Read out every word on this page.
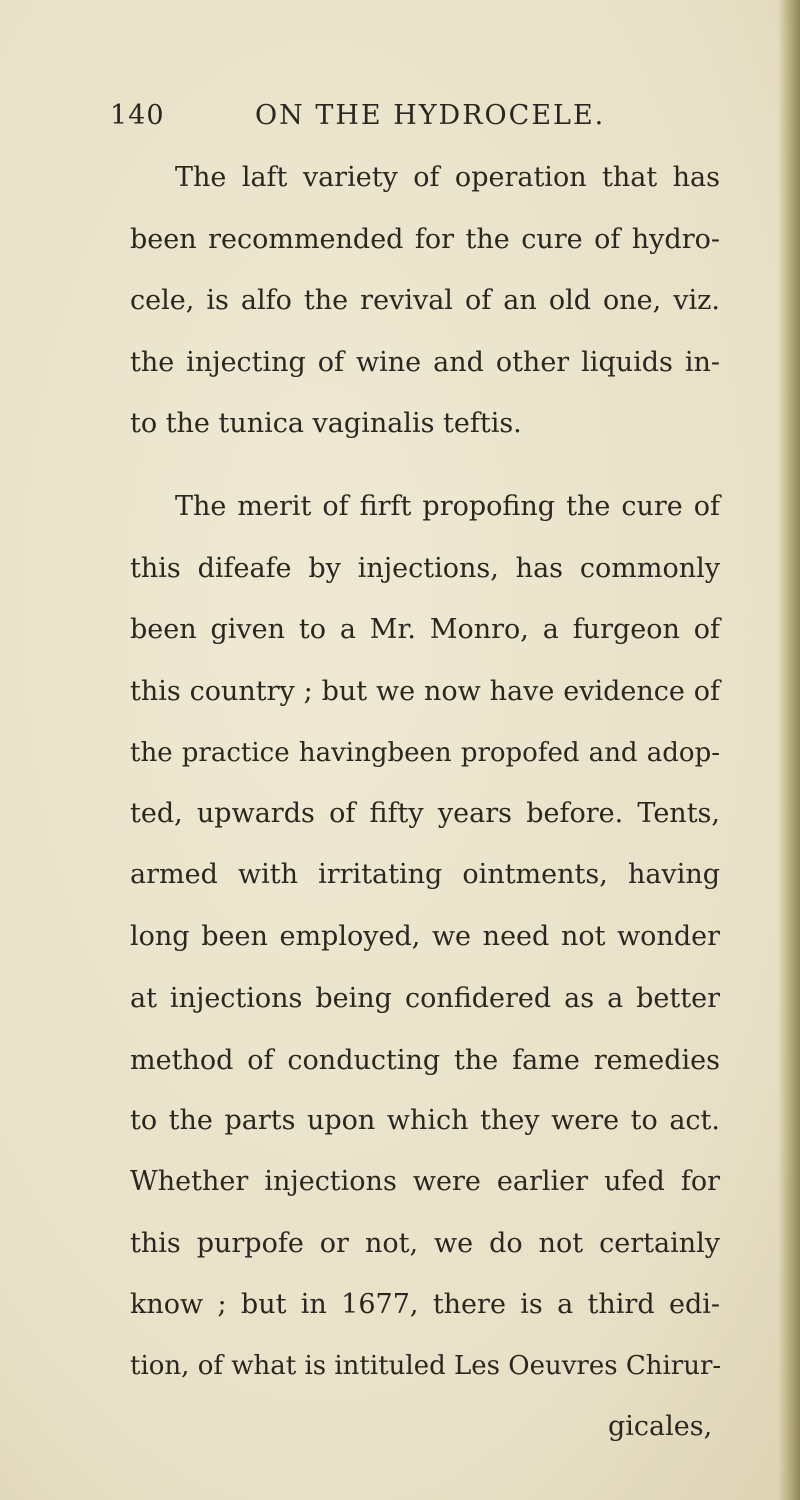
140	ON THE HYDROCELE.
The laft variety of operation that has
been recommended for the cure of hydro-
cele, is alfo the revival of an old one, viz.
the injecting of wine and other liquids in-
to the tunica vaginalis teftis.
The merit of firft propofing the cure of
this difeafe by injections, has commonly
been given to a Mr. Monro, a furgeon of
this country ; but we now have evidence of
the practice havingbeen propofed and adop-
ted, upwards of fifty years before. Tents,
armed with irritating ointments, having
long been employed, we need not wonder
at injections being confidered as a better
method of conducting the fame remedies
to the parts upon which they were to act.
Whether injections were earlier ufed for
this purpofe or not, we do not certainly
know ; but in 1677, there is a third edi-
tion, of what is intituled Les Oeuvres Chirur-
gicales,
